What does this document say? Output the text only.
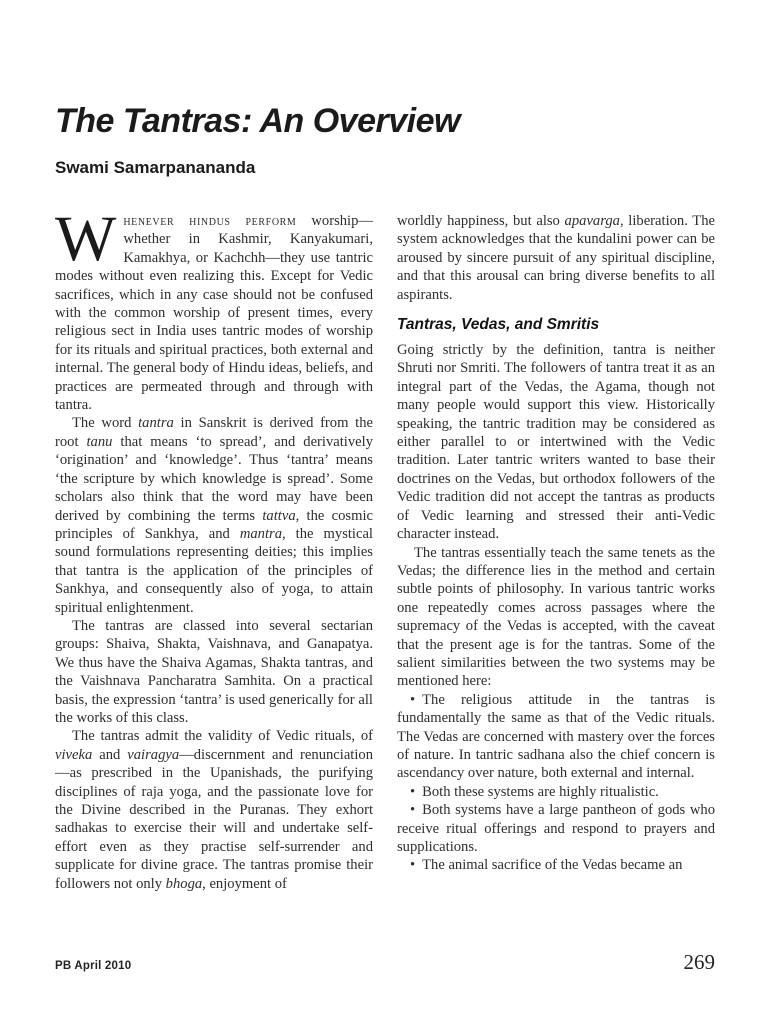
The Tantras: An Overview
Swami Samarpanananda

Whenever hindus perform worship—whether in Kashmir, Kanyakumari, Kamakhya, or Kachchh—they use tantric modes without even realizing this. Except for Vedic sacrifices, which in any case should not be confused with the common worship of present times, every religious sect in India uses tantric modes of worship for its rituals and spiritual practices, both external and internal. The general body of Hindu ideas, beliefs, and practices are permeated through and through with tantra.

The word tantra in Sanskrit is derived from the root tanu that means ‘to spread’, and derivatively ‘origination’ and ‘knowledge’. Thus ‘tantra’ means ‘the scripture by which knowledge is spread’. Some scholars also think that the word may have been derived by combining the terms tattva, the cosmic principles of Sankhya, and mantra, the mystical sound formulations representing deities; this implies that tantra is the application of the principles of Sankhya, and consequently also of yoga, to attain spiritual enlightenment.

The tantras are classed into several sectarian groups: Shaiva, Shakta, Vaishnava, and Ganapatya. We thus have the Shaiva Agamas, Shakta tantras, and the Vaishnava Pancharatra Samhita. On a practical basis, the expression ‘tantra’ is used generically for all the works of this class.

The tantras admit the validity of Vedic rituals, of viveka and vairagya—discernment and renunciation—as prescribed in the Upanishads, the purifying disciplines of raja yoga, and the passionate love for the Divine described in the Puranas. They exhort sadhakas to exercise their will and undertake self-effort even as they practise self-surrender and supplicate for divine grace. The tantras promise their followers not only bhoga, enjoyment of

worldly happiness, but also apavarga, liberation. The system acknowledges that the kundalini power can be aroused by sincere pursuit of any spiritual discipline, and that this arousal can bring diverse benefits to all aspirants.

Tantras, Vedas, and Smritis

Going strictly by the definition, tantra is neither Shruti nor Smriti. The followers of tantra treat it as an integral part of the Vedas, the Agama, though not many people would support this view. Historically speaking, the tantric tradition may be considered as either parallel to or intertwined with the Vedic tradition. Later tantric writers wanted to base their doctrines on the Vedas, but orthodox followers of the Vedic tradition did not accept the tantras as products of Vedic learning and stressed their anti-Vedic character instead.

The tantras essentially teach the same tenets as the Vedas; the difference lies in the method and certain subtle points of philosophy. In various tantric works one repeatedly comes across passages where the supremacy of the Vedas is accepted, with the caveat that the present age is for the tantras. Some of the salient similarities between the two systems may be mentioned here:

• The religious attitude in the tantras is fundamentally the same as that of the Vedic rituals. The Vedas are concerned with mastery over the forces of nature. In tantric sadhana also the chief concern is ascendancy over nature, both external and internal.

• Both these systems are highly ritualistic.

• Both systems have a large pantheon of gods who receive ritual offerings and respond to prayers and supplications.

• The animal sacrifice of the Vedas became an

PB April 2010	269
